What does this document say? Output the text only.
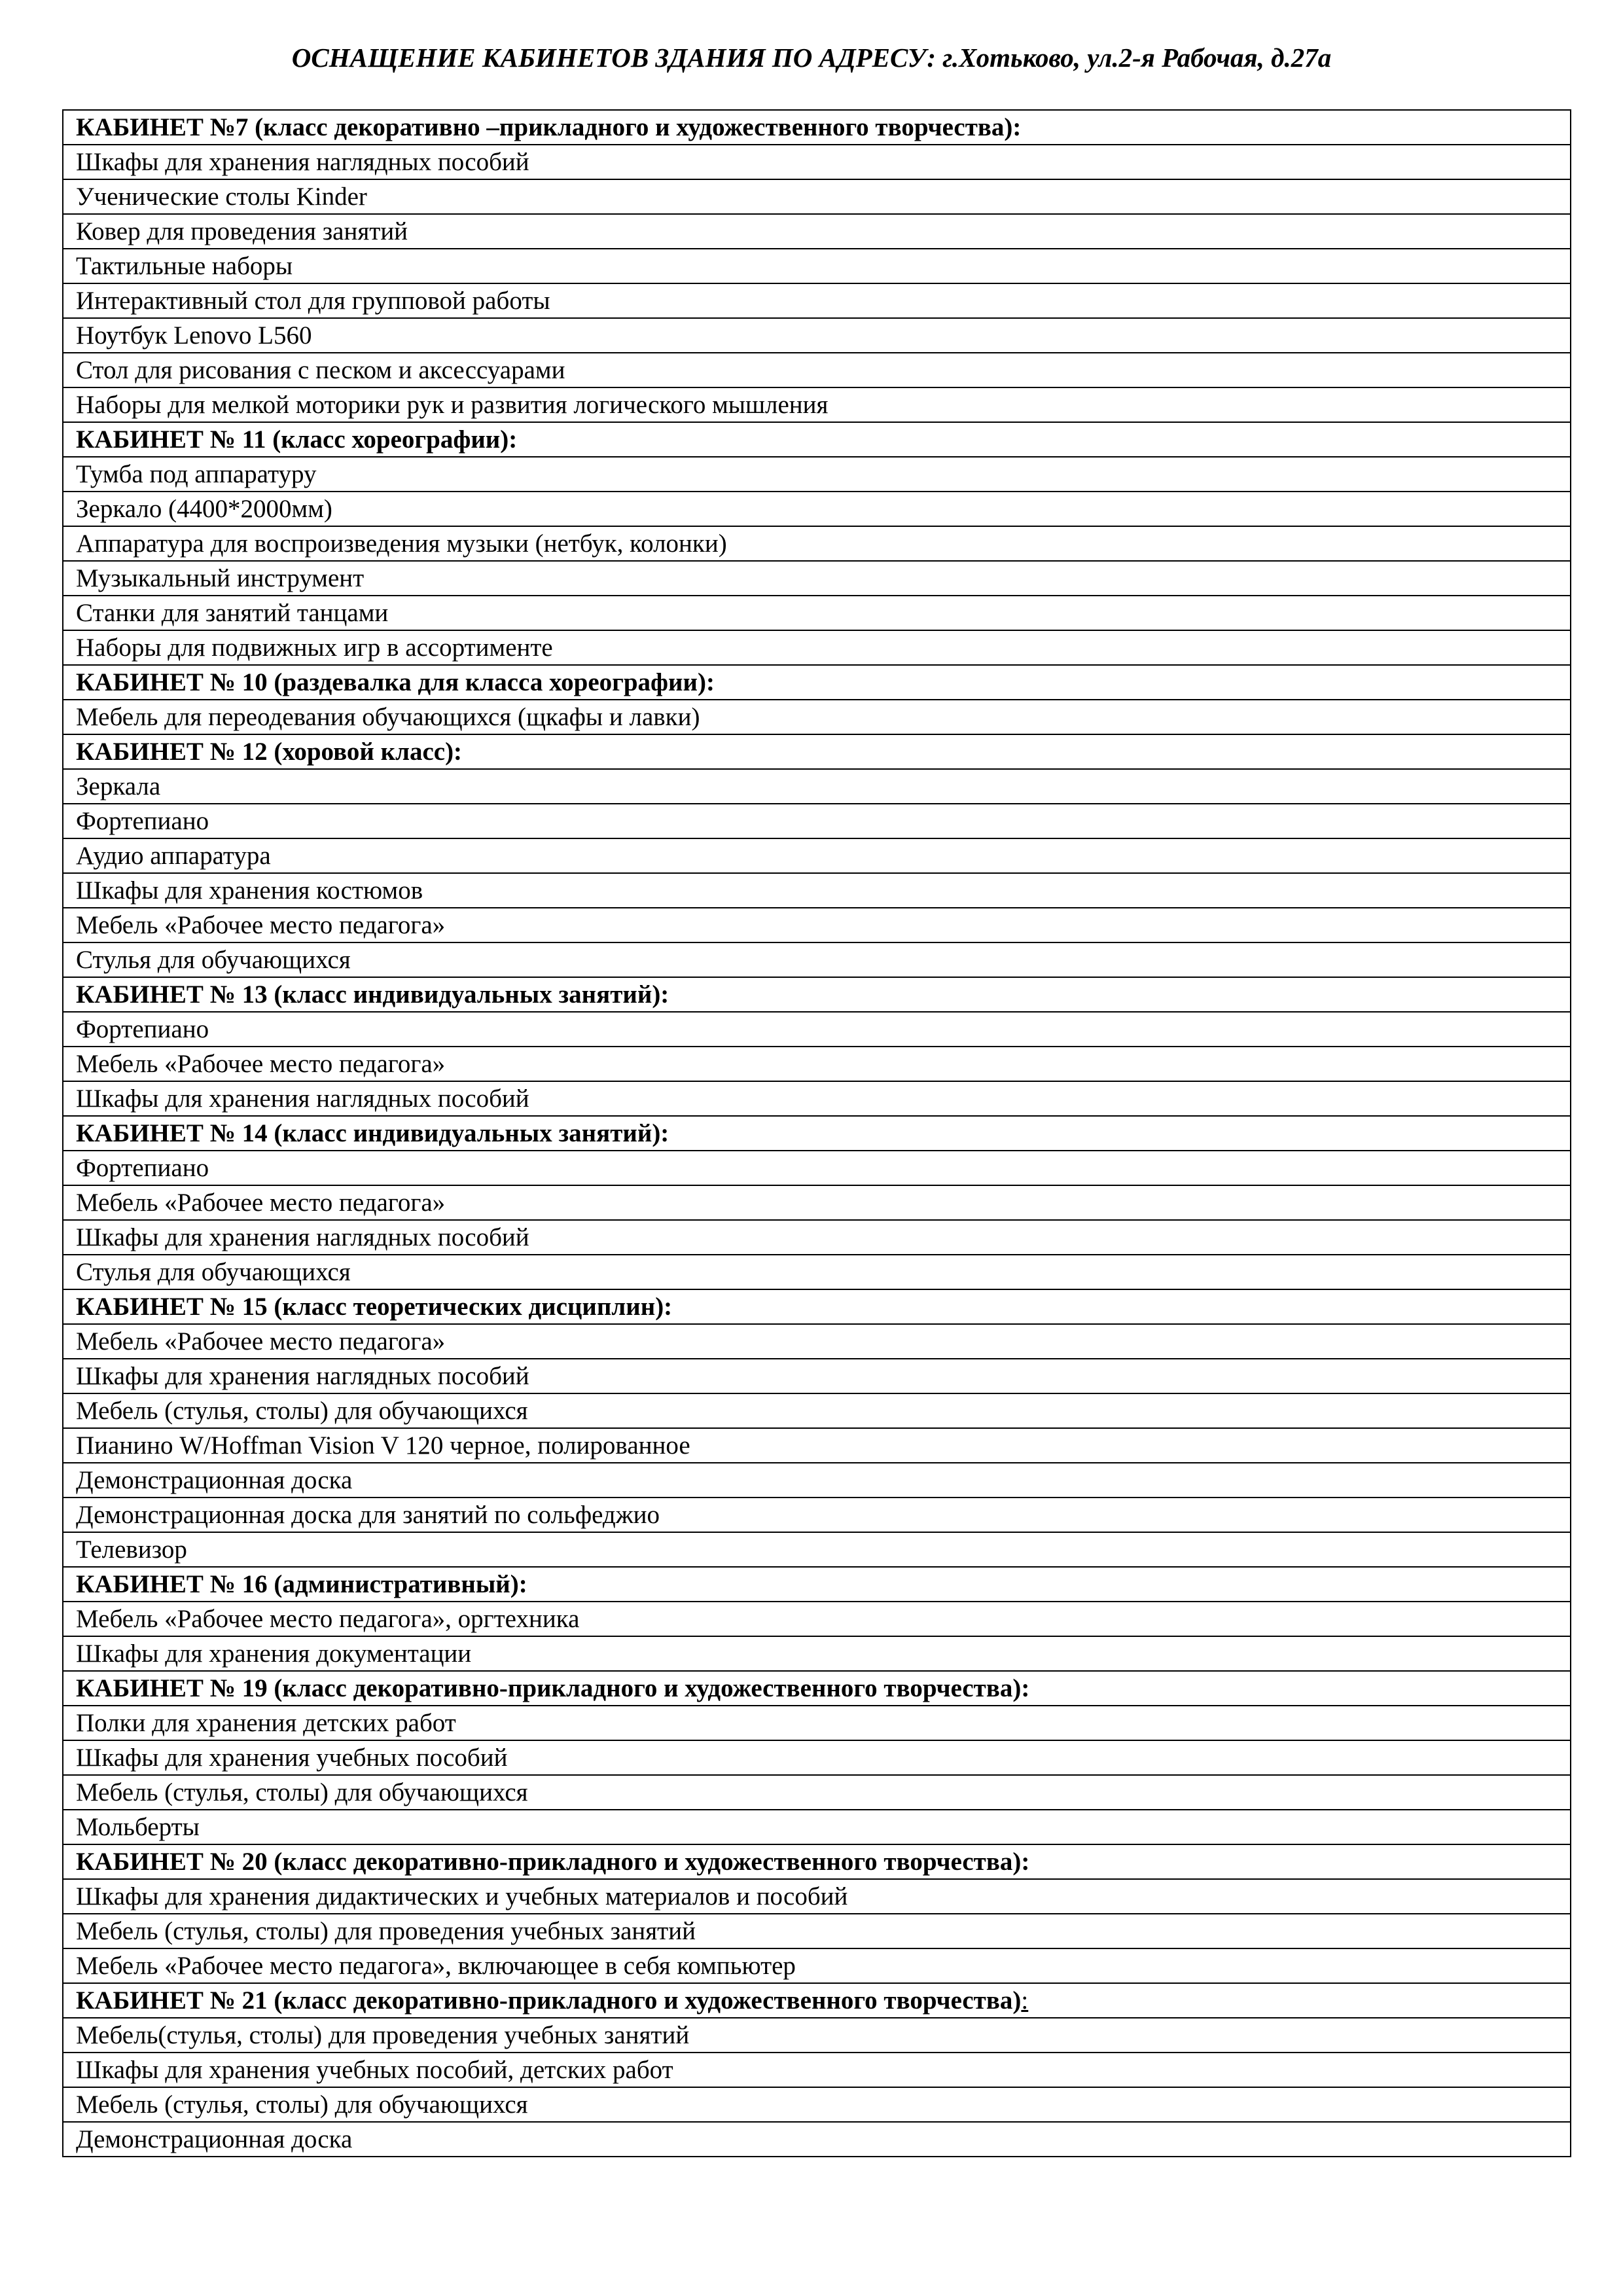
ОСНАЩЕНИЕ КАБИНЕТОВ ЗДАНИЯ ПО АДРЕСУ: г.Хотьково, ул.2-я Рабочая, д.27а
КАБИНЕТ №7 (класс декоративно –прикладного и художественного творчества):
Шкафы для хранения наглядных пособий
Ученические столы Kinder
Ковер для проведения занятий
Тактильные наборы
Интерактивный стол для групповой работы
Ноутбук Lenovo L560
Стол для рисования с песком и аксессуарами
Наборы для мелкой моторики рук и развития логического мышления
КАБИНЕТ № 11 (класс хореографии):
Тумба под аппаратуру
Зеркало (4400*2000мм)
Аппаратура для воспроизведения музыки (нетбук, колонки)
Музыкальный инструмент
Станки для занятий танцами
Наборы для подвижных игр в ассортименте
КАБИНЕТ № 10 (раздевалка для класса хореографии):
Мебель для переодевания обучающихся (щкафы и лавки)
КАБИНЕТ № 12 (хоровой класс):
Зеркала
Фортепиано
Аудио аппаратура
Шкафы для хранения костюмов
Мебель «Рабочее место педагога»
Стулья для обучающихся
КАБИНЕТ № 13 (класс индивидуальных занятий):
Фортепиано
Мебель «Рабочее место педагога»
Шкафы для хранения наглядных пособий
КАБИНЕТ № 14 (класс индивидуальных занятий):
Фортепиано
Мебель «Рабочее место педагога»
Шкафы для хранения наглядных пособий
Стулья для обучающихся
КАБИНЕТ № 15 (класс теоретических дисциплин):
Мебель «Рабочее место педагога»
Шкафы для хранения наглядных пособий
Мебель (стулья, столы) для обучающихся
Пианино W/Hoffman Vision V 120 черное, полированное
Демонстрационная доска
Демонстрационная доска для занятий по сольфеджио
Телевизор
КАБИНЕТ № 16 (административный):
Мебель «Рабочее место педагога», оргтехника
Шкафы для хранения документации
КАБИНЕТ № 19 (класс декоративно-прикладного и художественного творчества):
Полки для хранения детских работ
Шкафы для хранения учебных пособий
Мебель (стулья, столы) для обучающихся
Мольберты
КАБИНЕТ № 20 (класс декоративно-прикладного и художественного творчества):
Шкафы для хранения дидактических и учебных материалов и пособий
Мебель (стулья, столы) для проведения учебных занятий
Мебель «Рабочее место педагога», включающее в себя компьютер
КАБИНЕТ № 21 (класс декоративно-прикладного и художественного творчества):
Мебель(стулья, столы) для проведения учебных занятий
Шкафы для хранения учебных пособий, детских работ
Мебель (стулья, столы) для обучающихся
Демонстрационная доска
